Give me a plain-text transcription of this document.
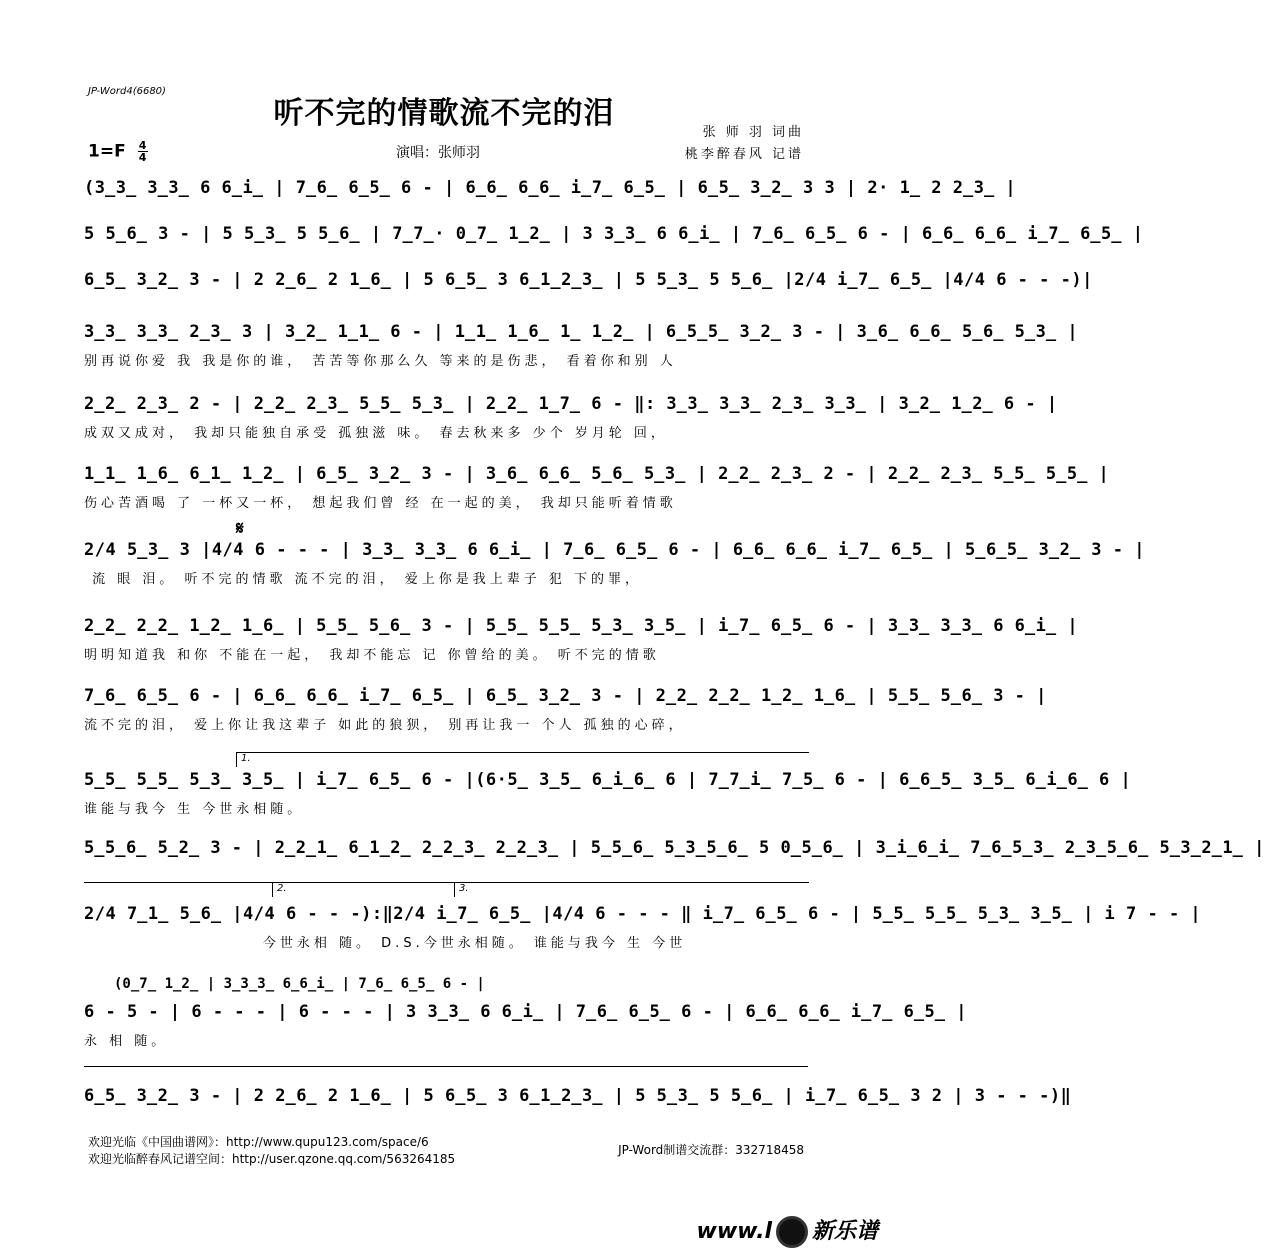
JP-Word4(6680)
听不完的情歌流不完的泪
张 师 羽 词曲
桃李醉春风 记谱
$1=F \frac{4}{4}$	演唱：张师羽
𝄋
1.
2.	3.
(3̲3̲ 3̲3̲ 6 6̲i̲ | 7̲6̲ 6̲5̲ 6 - | 6̲6̲ 6̲6̲ i̲7̲ 6̲5̲ | 6̲5̲ 3̲2̲ 3 3 | 2· 1̲ 2 2̲3̲ |
5 5̲6̲ 3 - | 5 5̲3̲ 5 5̲6̲ | 7̲7̲· 0̲7̲ 1̲2̲ | 3 3̲3̲ 6 6̲i̲ | 7̲6̲ 6̲5̲ 6 - | 6̲6̲ 6̲6̲ i̲7̲ 6̲5̲ |
6̲5̲ 3̲2̲ 3 - | 2 2̲6̲ 2 1̲6̲ | 5 6̲5̲ 3 6̲1̲2̲3̲ | 5 5̲3̲ 5 5̲6̲ |2/4 i̲7̲ 6̲5̲ |4/4 6 - - -)|
3̲3̲ 3̲3̲ 2̲3̲ 3 | 3̲2̲ 1̲1̲ 6 - | 1̲1̲ 1̲6̲ 1̲ 1̲2̲ | 6̲5̲5̲ 3̲2̲ 3 - | 3̲6̲ 6̲6̲ 5̲6̲ 5̲3̲ |
别再说你爱 我 我是你的谁， 苦苦等你那么久 等来的是伤悲， 看着你和别 人
2̲2̲ 2̲3̲ 2 - | 2̲2̲ 2̲3̲ 5̲5̲ 5̲3̲ | 2̲2̲ 1̲7̲ 6 - ‖: 3̲3̲ 3̲3̲ 2̲3̲ 3̲3̲ | 3̲2̲ 1̲2̲ 6 - |
成双又成对， 我却只能独自承受 孤独滋 味。 春去秋来多 少个 岁月轮 回，
1̲1̲ 1̲6̲ 6̲1̲ 1̲2̲ | 6̲5̲ 3̲2̲ 3 - | 3̲6̲ 6̲6̲ 5̲6̲ 5̲3̲ | 2̲2̲ 2̲3̲ 2 - | 2̲2̲ 2̲3̲ 5̲5̲ 5̲5̲ |
伤心苦酒喝 了 一杯又一杯， 想起我们曾 经 在一起的美， 我却只能听着情歌
2/4 5̲3̲ 3 |4/4 6 - - - | 3̲3̲ 3̲3̲ 6 6̲i̲ | 7̲6̲ 6̲5̲ 6 - | 6̲6̲ 6̲6̲ i̲7̲ 6̲5̲ | 5̲6̲5̲ 3̲2̲ 3 - |
流 眼 泪。 听不完的情歌 流不完的泪， 爱上你是我上辈子 犯 下的罪，
2̲2̲ 2̲2̲ 1̲2̲ 1̲6̲ | 5̲5̲ 5̲6̲ 3 - | 5̲5̲ 5̲5̲ 5̲3̲ 3̲5̲ | i̲7̲ 6̲5̲ 6 - | 3̲3̲ 3̲3̲ 6 6̲i̲ |
明明知道我 和你 不能在一起， 我却不能忘 记 你曾给的美。 听不完的情歌
7̲6̲ 6̲5̲ 6 - | 6̲6̲ 6̲6̲ i̲7̲ 6̲5̲ | 6̲5̲ 3̲2̲ 3 - | 2̲2̲ 2̲2̲ 1̲2̲ 1̲6̲ | 5̲5̲ 5̲6̲ 3 - |
流不完的泪， 爱上你让我这辈子 如此的狼狈， 别再让我一 个人 孤独的心碎，
5̲5̲ 5̲5̲ 5̲3̲ 3̲5̲ | i̲7̲ 6̲5̲ 6 - |(6·5̲ 3̲5̲ 6̲i̲6̲ 6 | 7̲7̲i̲ 7̲5̲ 6 - | 6̲6̲5̲ 3̲5̲ 6̲i̲6̲ 6 |
谁能与我今 生 今世永相随。
5̲5̲6̲ 5̲2̲ 3 - | 2̲2̲1̲ 6̲1̲2̲ 2̲2̲3̲ 2̲2̲3̲ | 5̲5̲6̲ 5̲3̲5̲6̲ 5 0̲5̲6̲ | 3̲i̲6̲i̲ 7̲6̲5̲3̲ 2̲3̲5̲6̲ 5̲3̲2̲1̲ |
2/4 7̲1̲ 5̲6̲ |4/4 6 - - -):‖2/4 i̲7̲ 6̲5̲ |4/4 6 - - - ‖ i̲7̲ 6̲5̲ 6 - | 5̲5̲ 5̲5̲ 5̲3̲ 3̲5̲ | i 7 - - |
今世永相 随。 D.S.今世永相随。 谁能与我今 生 今世
(0̲7̲ 1̲2̲ | 3̲3̲3̲ 6̲6̲i̲ | 7̲6̲ 6̲5̲ 6 - |
6 - 5 - | 6 - - - | 6 - - - | 3 3̲3̲ 6 6̲i̲ | 7̲6̲ 6̲5̲ 6 - | 6̲6̲ 6̲6̲ i̲7̲ 6̲5̲ |
永 相 随。
6̲5̲ 3̲2̲ 3 - | 2 2̲6̲ 2 1̲6̲ | 5 6̲5̲ 3 6̲1̲2̲3̲ | 5 5̲3̲ 5 5̲6̲ | i̲7̲ 6̲5̲ 3 2 | 3 - - -)‖
欢迎光临《中国曲谱网》：http://www.qupu123.com/space/6
欢迎光临醉春风记谱空间：http://user.qzone.qq.com/563264185
JP-Word制谱交流群：332718458
www.l 新乐谱
